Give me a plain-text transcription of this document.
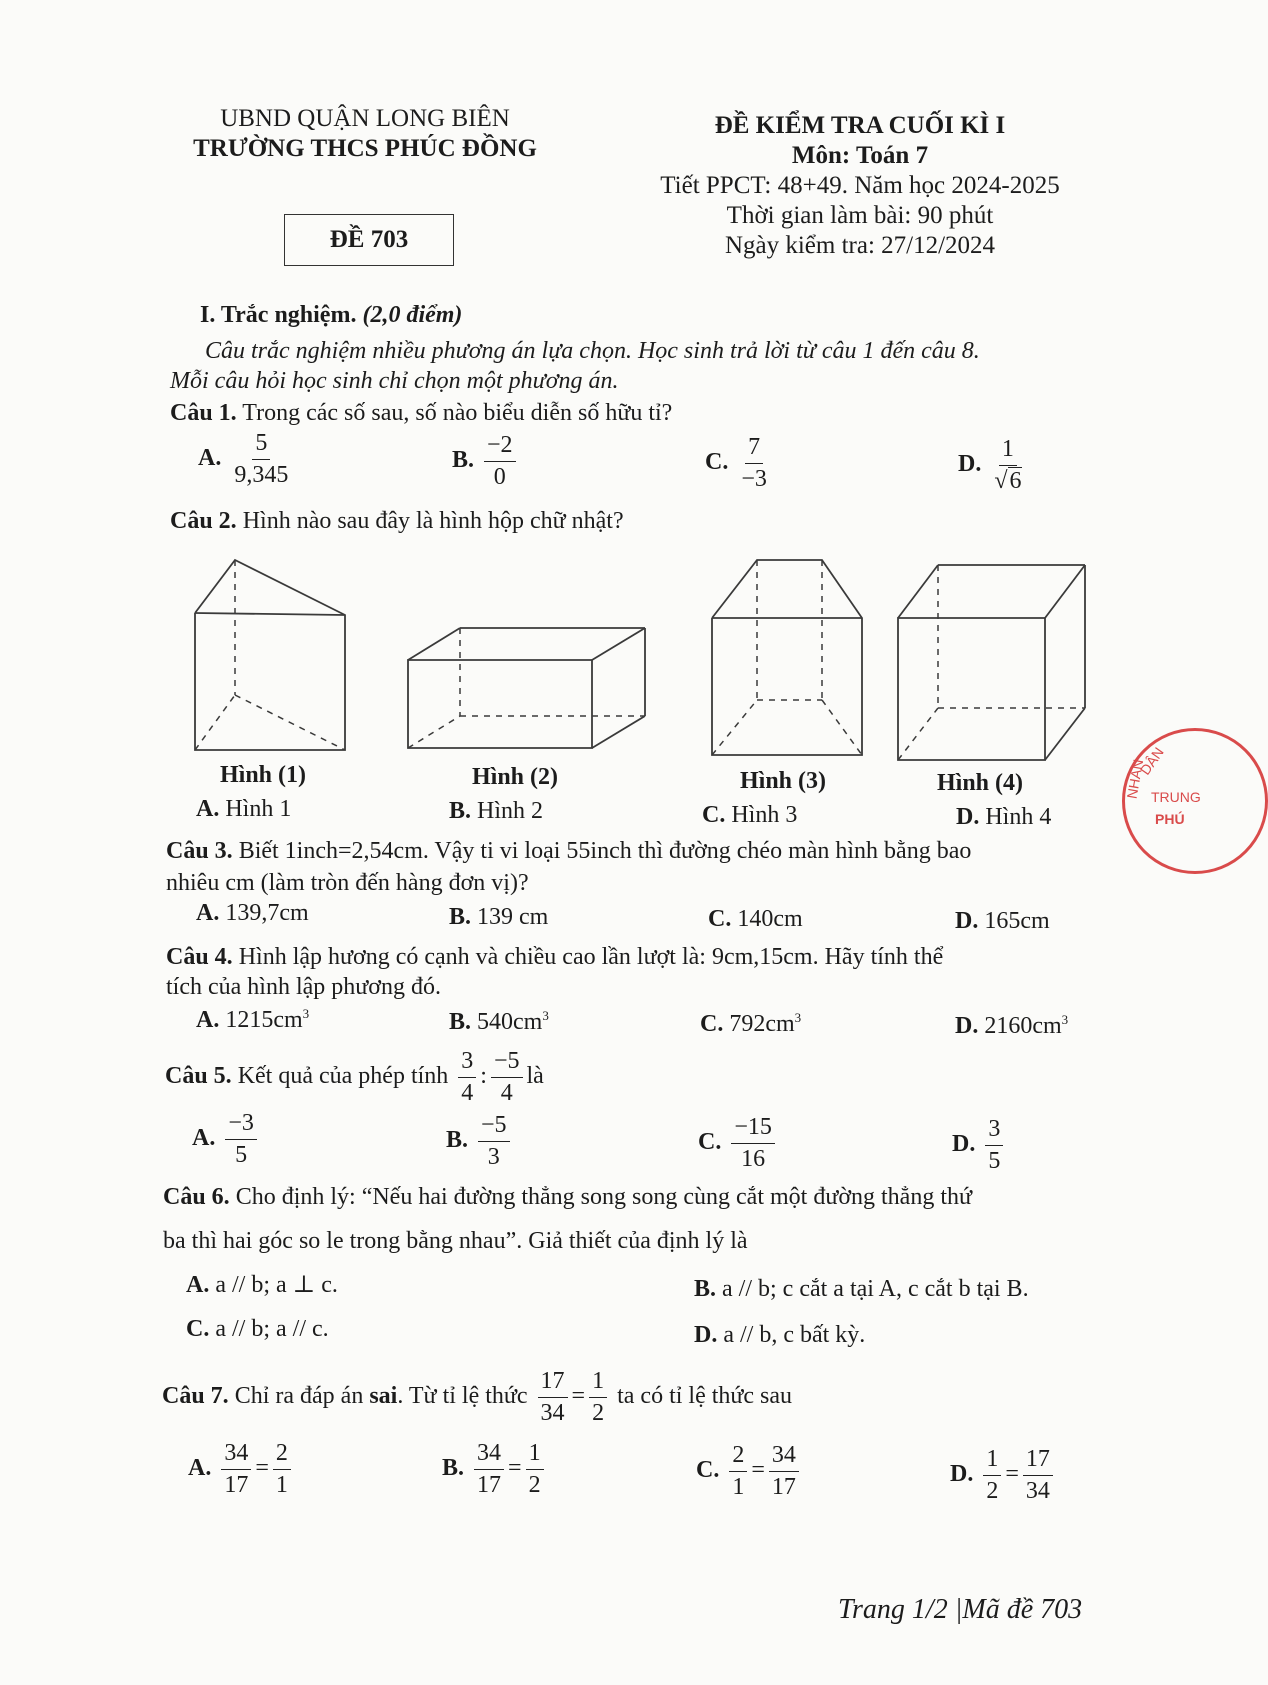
UBND QUẬN LONG BIÊN
TRƯỜNG THCS PHÚC ĐỒNG
ĐỀ 703
ĐỀ KIỂM TRA CUỐI KÌ I
Môn: Toán 7
Tiết PPCT: 48+49. Năm học 2024-2025
Thời gian làm bài: 90 phút
Ngày kiểm tra: 27/12/2024
I. Trắc nghiệm. (2,0 điểm)
Câu trắc nghiệm nhiều phương án lựa chọn. Học sinh trả lời từ câu 1 đến câu 8.
Mỗi câu hỏi học sinh chỉ chọn một phương án.
Câu 1. Trong các số sau, số nào biểu diễn số hữu tỉ?
A. $\frac{5}{9,345}$	B. $\frac{-2}{0}$	C. $\frac{7}{-3}$	D. $\frac{1}{√6}$
Câu 2. Hình nào sau đây là hình hộp chữ nhật?
Hình (1)	Hình (2)	Hình (3)	Hình (4)
A. Hình 1	B. Hình 2	C. Hình 3	D. Hình 4
Câu 3. Biết 1inch=2,54cm. Vậy ti vi loại 55inch thì đường chéo màn hình bằng bao
nhiêu cm (làm tròn đến hàng đơn vị)?
A. 139,7cm	B. 139 cm	C. 140cm	D. 165cm
Câu 4. Hình lập hương có cạnh và chiều cao lần lượt là: 9cm,15cm. Hãy tính thể
tích của hình lập phương đó.
A. $1215cm^3$	B. $540cm^3$	C. $792cm^3$	D. $2160cm^3$
Câu 5. Kết quả của phép tính $\frac{3}{4}$ : $\frac{-5}{4}$ là
A. $\frac{-3}{5}$	B. $\frac{-5}{3}$	C. $\frac{-15}{16}$	D. $\frac{3}{5}$
Câu 6. Cho định lý: “Nếu hai đường thẳng song song cùng cắt một đường thẳng thứ
ba thì hai góc so le trong bằng nhau”. Giả thiết của định lý là
A. a // b; a ⊥ c.	B. a // b; c cắt a tại A, c cắt b tại B.
C. a // b; a // c.	D. a // b, c bất kỳ.
Câu 7. Chỉ ra đáp án sai. Từ tỉ lệ thức $\frac{17}{34} = \frac{1}{2}$ ta có tỉ lệ thức sau
A. $\frac{34}{17} = \frac{2}{1}$	B. $\frac{34}{17} = \frac{1}{2}$	C. $\frac{2}{1} = \frac{34}{17}$	D. $\frac{1}{2} = \frac{17}{34}$
Trang 1/2 |Mã đề 703
DÂN
TRUNG
PHÚ
NHÂN
